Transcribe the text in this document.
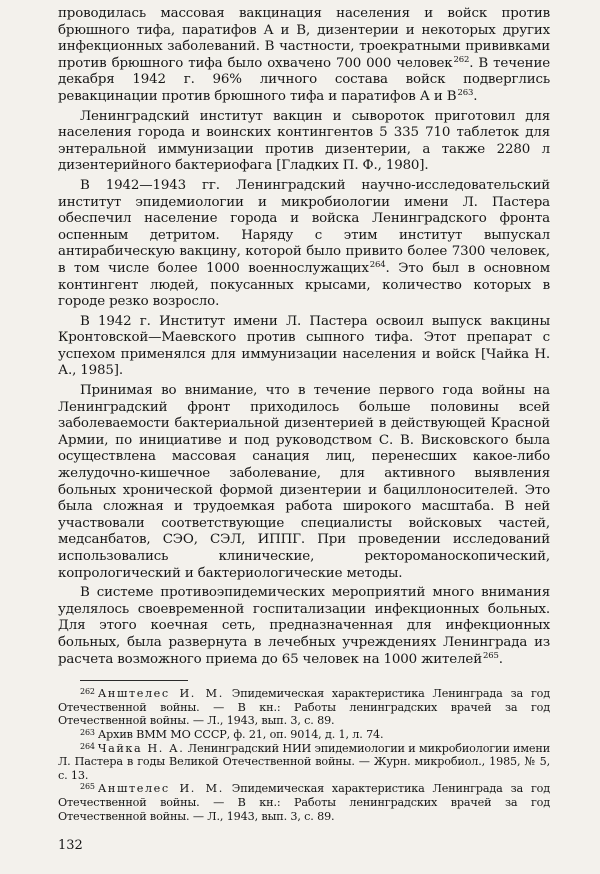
проводилась массовая вакцинация населения и войск против брюшного тифа, паратифов А и В, дизентерии и некоторых других инфекционных заболеваний. В частности, троекратными прививками против брюшного тифа было охвачено 700 000 человек$^{262}$. В течение декабря 1942 г. 96% личного состава войск подверглись ревакцинации против брюшного тифа и паратифов А и В$^{263}$.

Ленинградский институт вакцин и сывороток приготовил для населения города и воинских контингентов 5 335 710 таблеток для энтеральной иммунизации против дизентерии, а также 2280 л дизентерийного бактериофага [Гладких П. Ф., 1980].

В 1942—1943 гг. Ленинградский научно-исследовательский институт эпидемиологии и микробиологии имени Л. Пастера обеспечил население города и войска Ленинградского фронта оспенным детритом. Наряду с этим институт выпускал антирабическую вакцину, которой было привито более 7300 человек, в том числе более 1000 военнослужащих$^{264}$. Это был в основном контингент людей, покусанных крысами, количество которых в городе резко возросло.

В 1942 г. Институт имени Л. Пастера освоил выпуск вакцины Кронтовской—Маевского против сыпного тифа. Этот препарат с успехом применялся для иммунизации населения и войск [Чайка Н. А., 1985].

Принимая во внимание, что в течение первого года войны на Ленинградский фронт приходилось больше половины всей заболеваемости бактериальной дизентерией в действующей Красной Армии, по инициативе и под руководством С. В. Висковского была осуществлена массовая санация лиц, перенесших какое-либо желудочно-кишечное заболевание, для активного выявления больных хронической формой дизентерии и бациллоносителей. Это была сложная и трудоемкая работа широкого масштаба. В ней участвовали соответствующие специалисты войсковых частей, медсанбатов, СЭО, СЭЛ, ИППГ. При проведении исследований использовались клинические, ректороманоскопический, копрологический и бактериологические методы.

В системе противоэпидемических мероприятий много внимания уделялось своевременной госпитализации инфекционных больных. Для этого коечная сеть, предназначенная для инфекционных больных, была развернута в лечебных учреждениях Ленинграда из расчета возможного приема до 65 человек на 1000 жителей$^{265}$.

$^{262}$ Анштелес И. М. Эпидемическая характеристика Ленинграда за год Отечественной войны. — В кн.: Работы ленинградских врачей за год Отечественной войны. — Л., 1943, вып. 3, с. 89.
$^{263}$ Архив ВММ МО СССР, ф. 21, оп. 9014, д. 1, л. 74.
$^{264}$ Чайка Н. А. Ленинградский НИИ эпидемиологии и микробиологии имени Л. Пастера в годы Великой Отечественной войны. — Журн. микробиол., 1985, № 5, с. 13.
$^{265}$ Анштелес И. М. Эпидемическая характеристика Ленинграда за год Отечественной войны. — В кн.: Работы ленинградских врачей за год Отечественной войны. — Л., 1943, вып. 3, с. 89.
132
